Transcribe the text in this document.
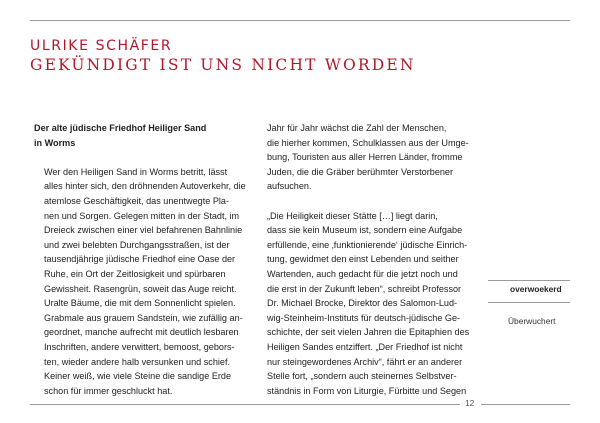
ULRIKE SCHÄFER
GEKÜNDIGT IST UNS NICHT WORDEN

Der alte jüdische Friedhof Heiliger Sand
in Worms

Wer den Heiligen Sand in Worms betritt, lässt
alles hinter sich, den dröhnenden Autoverkehr, die
atemlose Geschäftigkeit, das unentwegte Pla-
nen und Sorgen. Gelegen mitten in der Stadt, im
Dreieck zwischen einer viel befahrenen Bahnlinie
und zwei belebten Durchgangsstraßen, ist der
tausendjährige jüdische Friedhof eine Oase der
Ruhe, ein Ort der Zeitlosigkeit und spürbaren
Gewissheit. Rasengrün, soweit das Auge reicht.
Uralte Bäume, die mit dem Sonnenlicht spielen.
Grabmale aus grauem Sandstein, wie zufällig an-
geordnet, manche aufrecht mit deutlich lesbaren
Inschriften, andere verwittert, bemoost, gebors-
ten, wieder andere halb versunken und schief.
Keiner weiß, wie viele Steine die sandige Erde
schon für immer geschluckt hat.

Jahr für Jahr wächst die Zahl der Menschen,
die hierher kommen, Schulklassen aus der Umge-
bung, Touristen aus aller Herren Länder, fromme
Juden, die die Gräber berühmter Verstorbener
aufsuchen.

„Die Heiligkeit dieser Stätte […] liegt darin,
dass sie kein Museum ist, sondern eine Aufgabe
erfüllende, eine ‚funktionierende‘ jüdische Einrich-
tung, gewidmet den einst Lebenden und seither
Wartenden, auch gedacht für die jetzt noch und
die erst in der Zukunft leben“, schreibt Professor
Dr. Michael Brocke, Direktor des Salomon-Lud-
wig-Steinheim-Instituts für deutsch-jüdische Ge-
schichte, der seit vielen Jahren die Epitaphien des
Heiligen Sandes entziffert. „Der Friedhof ist nicht
nur steingewordenes Archiv“, fährt er an anderer
Stelle fort, „sondern auch steinernes Selbstver-
ständnis in Form von Liturgie, Fürbitte und Segen

overwoekerd
Überwuchert
12
